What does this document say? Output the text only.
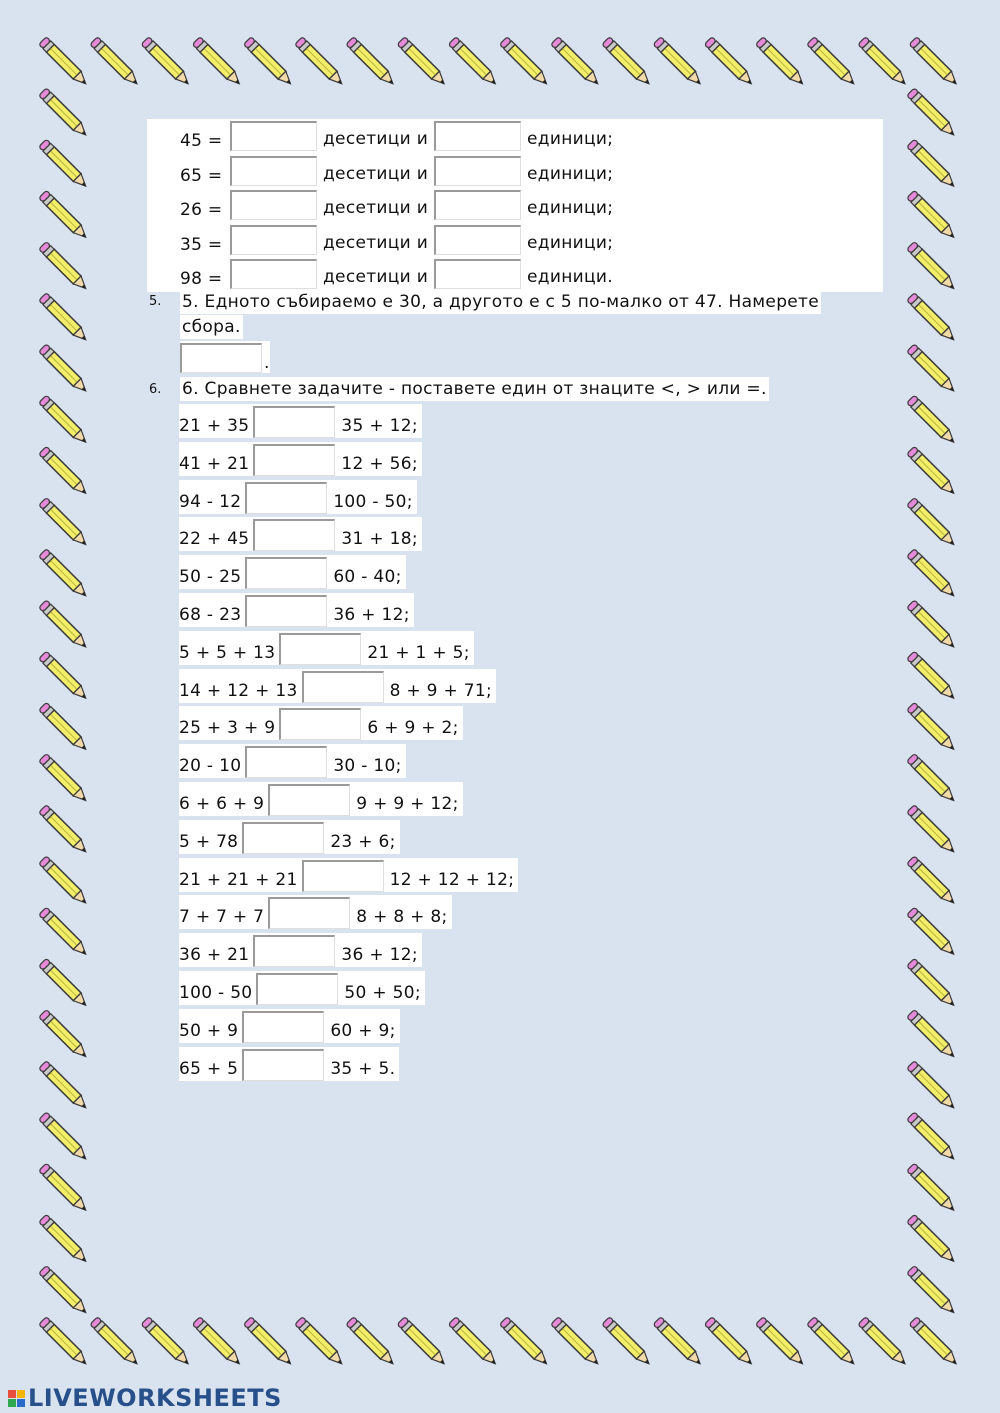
45 =	десетици и	единици;
65 =	десетици и	единици;
26 =	десетици и	единици;
35 =	десетици и	единици;
98 =	десетици и	единици.
5. 5. Едното събираемо е 30, а другото е с 5 по-малко от 47. Намерете
сбора.
.
6. 6. Сравнете задачите - поставете един от знаците <, > или =.
21 + 35	35 + 12;
41 + 21	12 + 56;
94 - 12	100 - 50;
22 + 45	31 + 18;
50 - 25	60 - 40;
68 - 23	36 + 12;
5 + 5 + 13	21 + 1 + 5;
14 + 12 + 13	8 + 9 + 71;
25 + 3 + 9	6 + 9 + 2;
20 - 10	30 - 10;
6 + 6 + 9	9 + 9 + 12;
5 + 78	23 + 6;
21 + 21 + 21	12 + 12 + 12;
7 + 7 + 7	8 + 8 + 8;
36 + 21	36 + 12;
100 - 50	50 + 50;
50 + 9	60 + 9;
65 + 5	35 + 5.
LIVEWORKSHEETS
